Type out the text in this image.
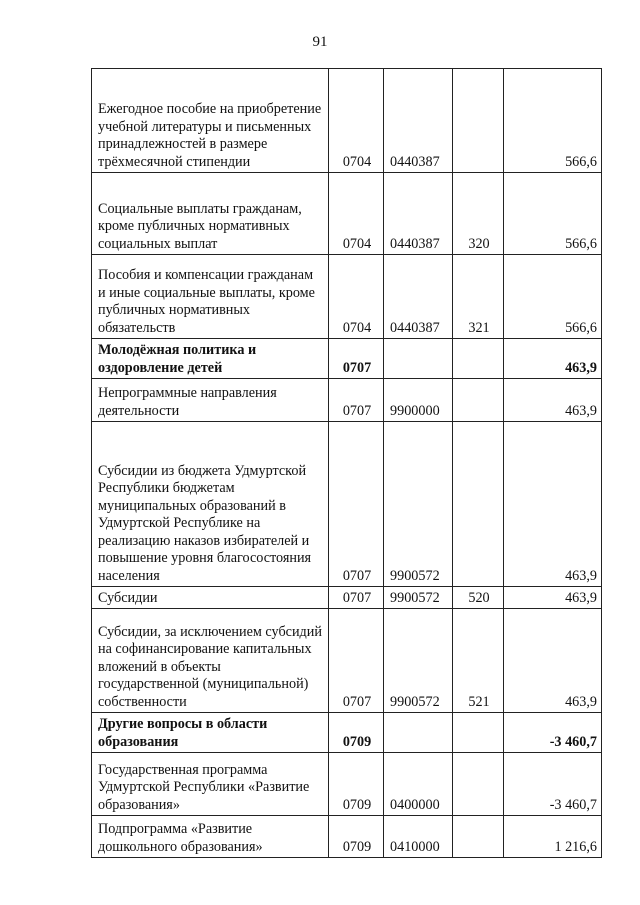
91
Ежегодное пособие на приобретение учебной литературы и письменных принадлежностей в размере трёхмесячной стипендии	0704	0440387		566,6
Социальные выплаты гражданам, кроме публичных нормативных социальных выплат	0704	0440387	320	566,6
Пособия и компенсации гражданам и иные социальные выплаты, кроме публичных нормативных обязательств	0704	0440387	321	566,6
Молодёжная политика и оздоровление детей	0707			463,9
Непрограммные направления деятельности	0707	9900000		463,9
Субсидии из бюджета Удмуртской Республики бюджетам муниципальных образований в Удмуртской Республике на реализацию наказов избирателей и повышение уровня благосостояния населения	0707	9900572		463,9
Субсидии	0707	9900572	520	463,9
Субсидии, за исключением субсидий на софинансирование капитальных вложений в объекты государственной (муниципальной) собственности	0707	9900572	521	463,9
Другие вопросы в области образования	0709			-3 460,7
Государственная программа Удмуртской Республики «Развитие образования»	0709	0400000		-3 460,7
Подпрограмма «Развитие дошкольного образования»	0709	0410000		1 216,6
